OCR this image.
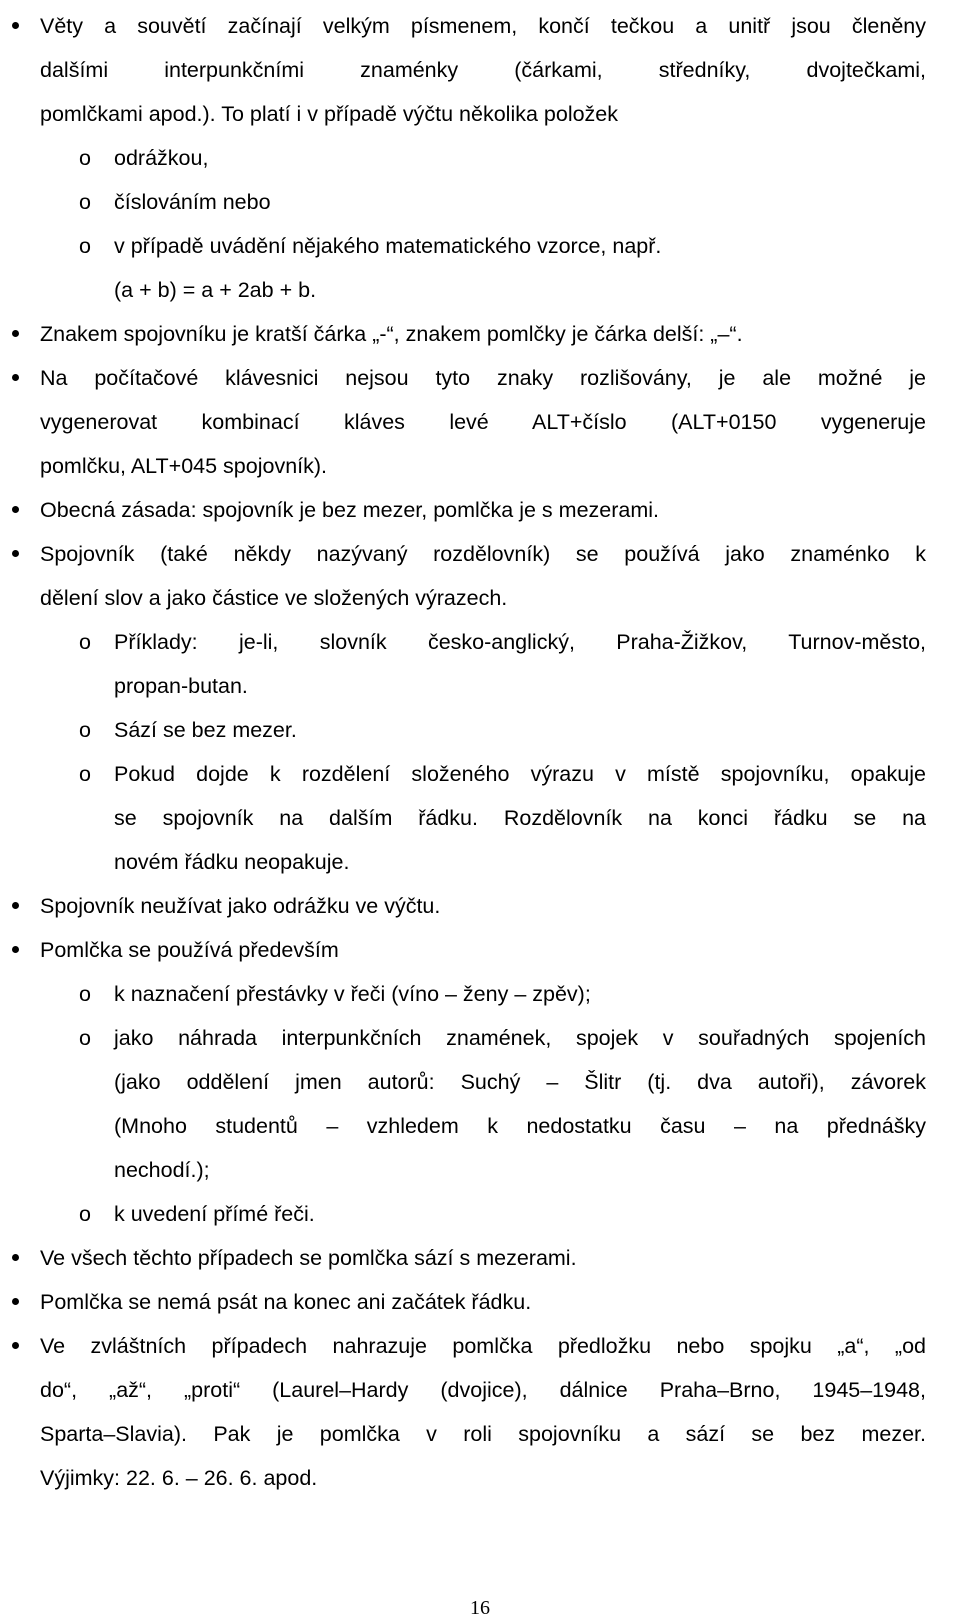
Věty a souvětí začínají velkým písmenem, končí tečkou a unitř jsou členěny
dalšími interpunkčními znaménky (čárkami, středníky, dvojtečkami,
pomlčkami apod.). To platí i v případě výčtu několika položek
o odrážkou,
o číslováním nebo
o v případě uvádění nějakého matematického vzorce, např.
(a + b) = a + 2ab + b.
Znakem spojovníku je kratší čárka „-“, znakem pomlčky je čárka delší: „–“.
Na počítačové klávesnici nejsou tyto znaky rozlišovány, je ale možné je
vygenerovat kombinací kláves levé ALT+číslo (ALT+0150 vygeneruje
pomlčku, ALT+045 spojovník).
Obecná zásada: spojovník je bez mezer, pomlčka je s mezerami.
Spojovník (také někdy nazývaný rozdělovník) se používá jako znaménko k
dělení slov a jako částice ve složených výrazech.
o Příklady: je-li, slovník česko-anglický, Praha-Žižkov, Turnov-město,
propan-butan.
o Sází se bez mezer.
o Pokud dojde k rozdělení složeného výrazu v místě spojovníku, opakuje
se spojovník na dalším řádku. Rozdělovník na konci řádku se na
novém řádku neopakuje.
Spojovník neužívat jako odrážku ve výčtu.
Pomlčka se používá především
o k naznačení přestávky v řeči (víno – ženy – zpěv);
o jako náhrada interpunkčních znamének, spojek v souřadných spojeních
(jako oddělení jmen autorů: Suchý – Šlitr (tj. dva autoři), závorek
(Mnoho studentů – vzhledem k nedostatku času – na přednášky
nechodí.);
o k uvedení přímé řeči.
Ve všech těchto případech se pomlčka sází s mezerami.
Pomlčka se nemá psát na konec ani začátek řádku.
Ve zvláštních případech nahrazuje pomlčka předložku nebo spojku „a“, „od
do“, „až“, „proti“ (Laurel–Hardy (dvojice), dálnice Praha–Brno, 1945–1948,
Sparta–Slavia). Pak je pomlčka v roli spojovníku a sází se bez mezer.
Výjimky: 22. 6. – 26. 6. apod.
16
